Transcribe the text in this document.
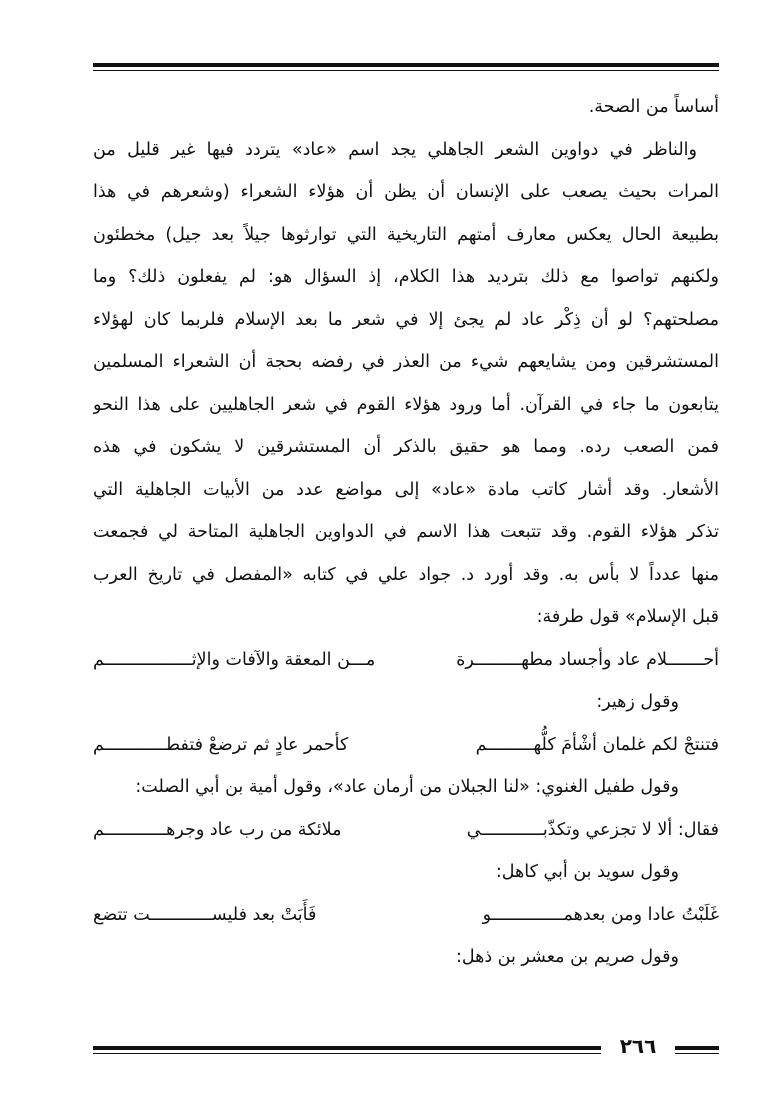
أساساً من الصحة.
والناظر في دواوين الشعر الجاهلي يجد اسم «عاد» يتردد فيها غير قليل من
المرات بحيث يصعب على الإنسان أن يظن أن هؤلاء الشعراء (وشعرهم في هذا
بطبيعة الحال يعكس معارف أمتهم التاريخية التي توارثوها جيلاً بعد جيل) مخطئون
ولكنهم تواصوا مع ذلك بترديد هذا الكلام، إذ السؤال هو: لم يفعلون ذلك؟ وما
مصلحتهم؟ لو أن ذِكْر عاد لم يجئ إلا في شعر ما بعد الإسلام فلربما كان لهؤلاء
المستشرقين ومن يشايعهم شيء من العذر في رفضه بحجة أن الشعراء المسلمين
يتابعون ما جاء في القرآن. أما ورود هؤلاء القوم في شعر الجاهليين على هذا النحو
فمن الصعب رده. ومما هو حقيق بالذكر أن المستشرقين لا يشكون في هذه
الأشعار. وقد أشار كاتب مادة «عاد» إلى مواضع عدد من الأبيات الجاهلية التي
تذكر هؤلاء القوم. وقد تتبعت هذا الاسم في الدواوين الجاهلية المتاحة لي فجمعت
منها عدداً لا بأس به. وقد أورد د. جواد علي في كتابه «المفصل في تاريخ العرب
قبل الإسلام» قول طرفة:
أحـــــــلام عاد وأجساد مطهـــــــــرة
مـــن المعقة والآفات والإثـــــــــــــــــم
وقول زهير:
فتنتجْ لكم غلمان أشْأمَ كلُّهـــــــــم
كأحمر عادٍ ثم ترضعْ فتفطــــــــــــم
وقول طفيل الغنوي: «لنا الجبلان من أرمان عاد»، وقول أمية بن أبي الصلت:
فقال: ألا لا تجزعي وتكذّبــــــــــــي
ملائكة من رب عاد وجرهــــــــــــم
وقول سويد بن أبي كاهل:
غَلَبْتُ عادا ومن بعدهمــــــــــــــو
فَأَبَتْ بعد فليســــــــــــت تتضع
وقول صريم بن معشر بن ذهل:
٢٦٦
